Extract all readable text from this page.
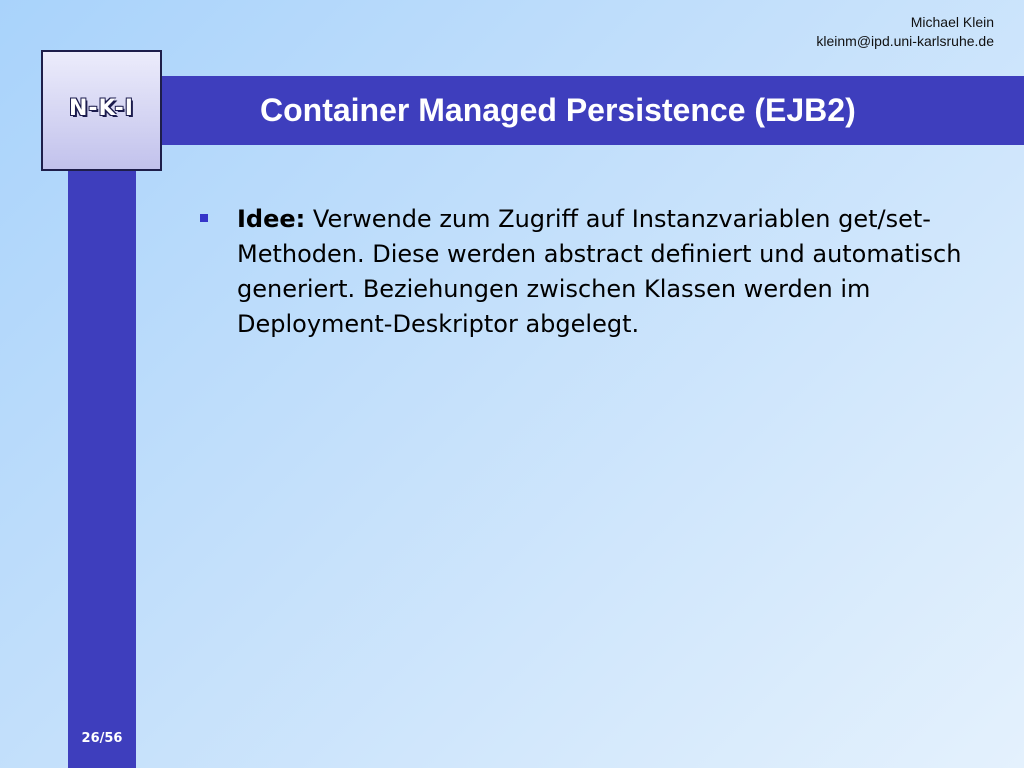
Michael Klein
kleinm@ipd.uni-karlsruhe.de
Container Managed Persistence (EJB2)
N-K-I
Idee: Verwende zum Zugriff auf Instanzvariablen get/set-Methoden. Diese werden abstract definiert und automatisch generiert. Beziehungen zwischen Klassen werden im Deployment-Deskriptor abgelegt.
26/56
